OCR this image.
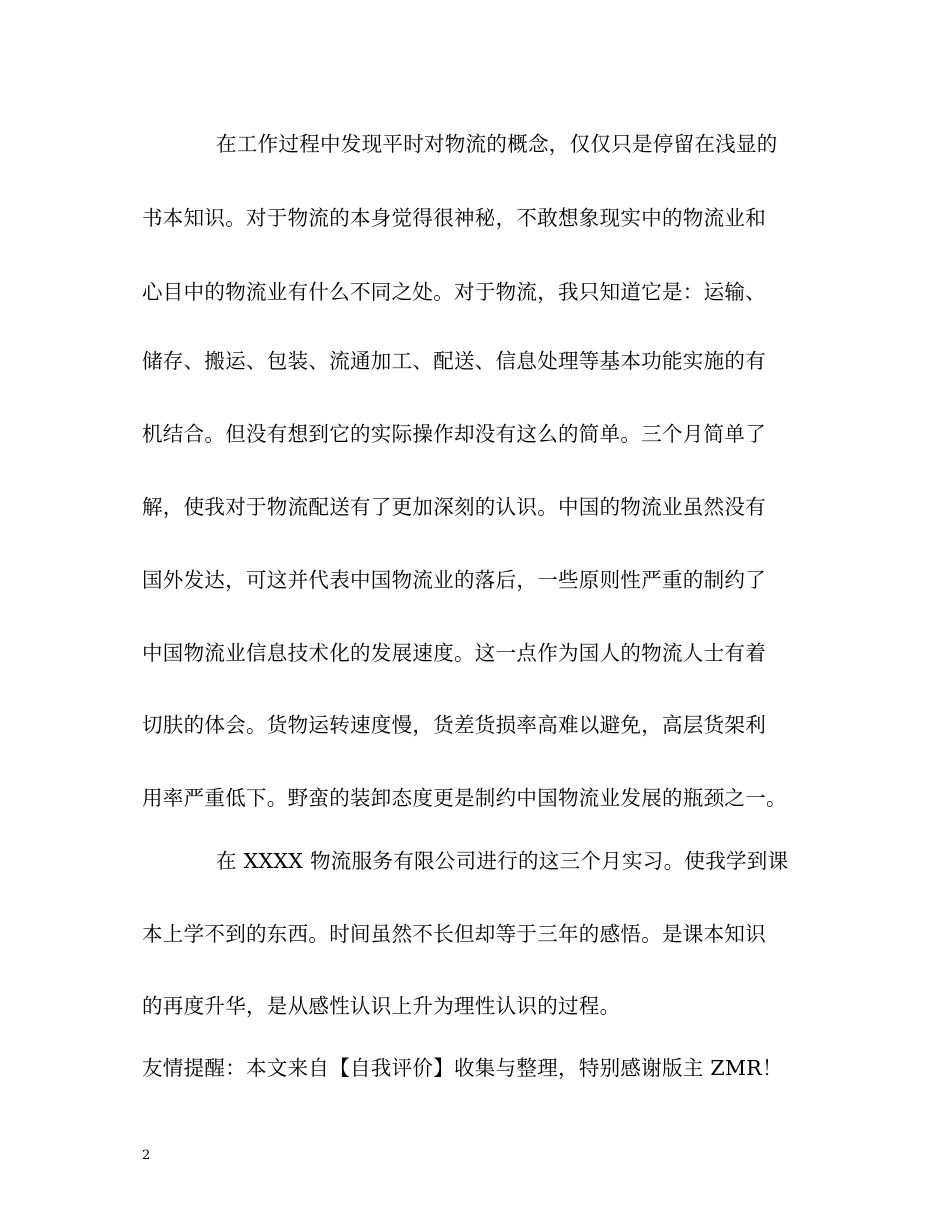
在工作过程中发现平时对物流的概念，仅仅只是停留在浅显的
书本知识。对于物流的本身觉得很神秘，不敢想象现实中的物流业和
心目中的物流业有什么不同之处。对于物流，我只知道它是：运输、
储存、搬运、包装、流通加工、配送、信息处理等基本功能实施的有
机结合。但没有想到它的实际操作却没有这么的简单。三个月简单了
解，使我对于物流配送有了更加深刻的认识。中国的物流业虽然没有
国外发达，可这并代表中国物流业的落后，一些原则性严重的制约了
中国物流业信息技术化的发展速度。这一点作为国人的物流人士有着
切肤的体会。货物运转速度慢，货差货损率高难以避免，高层货架利
用率严重低下。野蛮的装卸态度更是制约中国物流业发展的瓶颈之一。
在 XXXX 物流服务有限公司进行的这三个月实习。使我学到课
本上学不到的东西。时间虽然不长但却等于三年的感悟。是课本知识
的再度升华，是从感性认识上升为理性认识的过程。
友情提醒：本文来自【自我评价】收集与整理，特别感谢版主 ZMR！
2
